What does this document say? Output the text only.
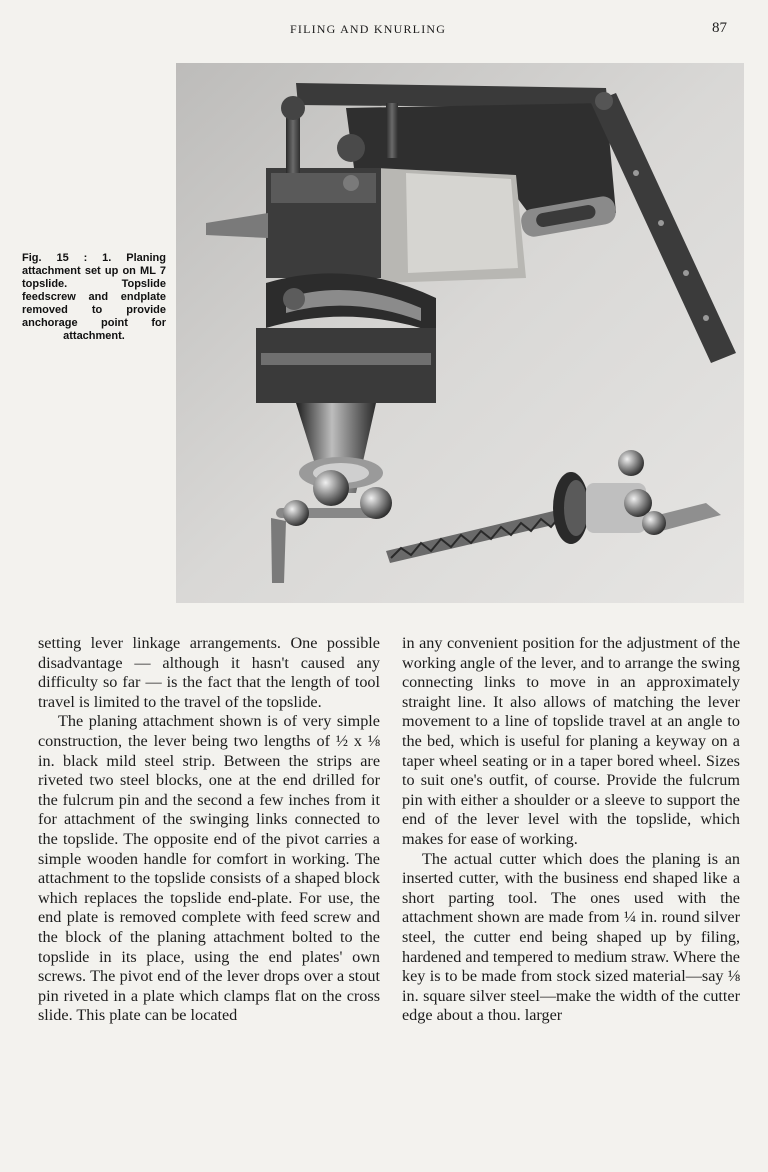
FILING AND KNURLING	87
Fig. 15 : 1. Planing attachment set up on ML 7 topslide. Topslide feedscrew and endplate removed to provide anchorage point for attachment.

setting lever linkage arrangements. One possible disadvantage — although it hasn't caused any difficulty so far — is the fact that the length of tool travel is limited to the travel of the topslide.

The planing attachment shown is of very simple construction, the lever being two lengths of ½ x ⅛ in. black mild steel strip. Between the strips are riveted two steel blocks, one at the end drilled for the fulcrum pin and the second a few inches from it for attachment of the swinging links connected to the topslide. The opposite end of the pivot carries a simple wooden handle for comfort in working. The attachment to the topslide consists of a shaped block which replaces the topslide end-plate. For use, the end plate is removed complete with feed screw and the block of the planing attachment bolted to the topslide in its place, using the end plates' own screws. The pivot end of the lever drops over a stout pin riveted in a plate which clamps flat on the cross slide. This plate can be located

in any convenient position for the adjustment of the working angle of the lever, and to arrange the swing connecting links to move in an approximately straight line. It also allows of matching the lever movement to a line of topslide travel at an angle to the bed, which is useful for planing a keyway on a taper wheel seating or in a taper bored wheel. Sizes to suit one's outfit, of course. Provide the fulcrum pin with either a shoulder or a sleeve to support the end of the lever level with the topslide, which makes for ease of working.

The actual cutter which does the planing is an inserted cutter, with the business end shaped like a short parting tool. The ones used with the attachment shown are made from ¼ in. round silver steel, the cutter end being shaped up by filing, hardened and tempered to medium straw. Where the key is to be made from stock sized material—say ⅛ in. square silver steel—make the width of the cutter edge about a thou. larger
